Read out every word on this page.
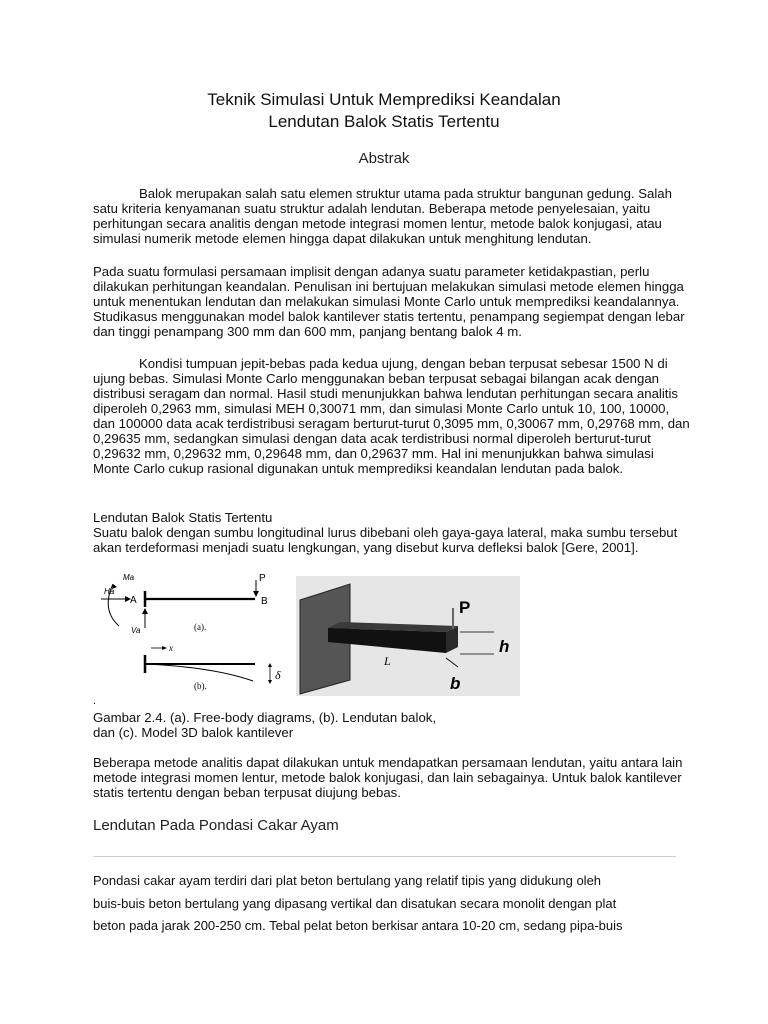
Teknik Simulasi Untuk Memprediksi Keandalan
Lendutan Balok Statis Tertentu
Abstrak
Balok merupakan salah satu elemen struktur utama pada struktur bangunan gedung. Salah satu kriteria kenyamanan suatu struktur adalah lendutan. Beberapa metode penyelesaian, yaitu perhitungan secara analitis dengan metode integrasi momen lentur, metode balok konjugasi, atau simulasi numerik metode elemen hingga dapat dilakukan untuk menghitung lendutan.
Pada suatu formulasi persamaan implisit dengan adanya suatu parameter ketidakpastian, perlu dilakukan perhitungan keandalan. Penulisan ini bertujuan melakukan simulasi metode elemen hingga untuk menentukan lendutan dan melakukan simulasi Monte Carlo untuk memprediksi keandalannya. Studikasus menggunakan model balok kantilever statis tertentu, penampang segiempat dengan lebar dan tinggi penampang 300 mm dan 600 mm, panjang bentang balok 4 m.
Kondisi tumpuan jepit-bebas pada kedua ujung, dengan beban terpusat sebesar 1500 N di ujung bebas. Simulasi Monte Carlo menggunakan beban terpusat sebagai bilangan acak dengan distribusi seragam dan normal. Hasil studi menunjukkan bahwa lendutan perhitungan secara analitis diperoleh 0,2963 mm, simulasi MEH 0,30071 mm, dan simulasi Monte Carlo untuk 10, 100, 10000, dan 100000 data acak terdistribusi seragam berturut-turut 0,3095 mm, 0,30067 mm, 0,29768 mm, dan 0,29635 mm, sedangkan simulasi dengan data acak terdistribusi normal diperoleh berturut-turut 0,29632 mm, 0,29632 mm, 0,29648 mm, dan 0,29637 mm. Hal ini menunjukkan bahwa simulasi Monte Carlo cukup rasional digunakan untuk memprediksi keandalan lendutan pada balok.
Lendutan Balok Statis Tertentu
Suatu balok dengan sumbu longitudinal lurus dibebani oleh gaya-gaya lateral, maka sumbu tersebut akan terdeformasi menjadi suatu lengkungan, yang disebut kurva defleksi balok [Gere, 2001].
Ma
Ha
A
Va
P
B
(a).
x
δ
(b).
P
L
h
b
.
Gambar 2.4. (a). Free-body diagrams, (b). Lendutan balok,
dan (c). Model 3D balok kantilever
Beberapa metode analitis dapat dilakukan untuk mendapatkan persamaan lendutan, yaitu antara lain metode integrasi momen lentur, metode balok konjugasi, dan lain sebagainya. Untuk balok kantilever statis tertentu dengan beban terpusat diujung bebas.
Lendutan Pada Pondasi Cakar Ayam
Pondasi cakar ayam terdiri dari plat beton bertulang yang relatif tipis yang didukung oleh
buis-buis beton bertulang yang dipasang vertikal dan disatukan secara monolit dengan plat
beton pada jarak 200-250 cm. Tebal pelat beton berkisar antara 10-20 cm, sedang pipa-buis
